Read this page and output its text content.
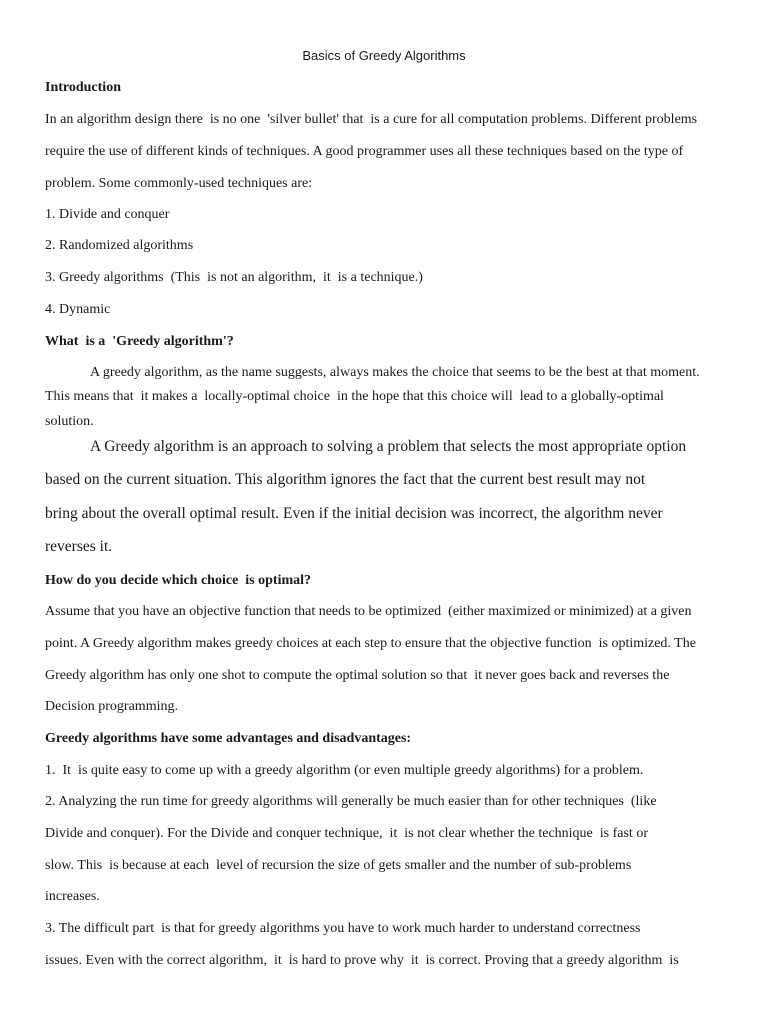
Basics of Greedy Algorithms
Introduction
In an algorithm design there  is no one  'silver bullet' that  is a cure for all computation problems. Different problems
require the use of different kinds of techniques. A good programmer uses all these techniques based on the type of
problem. Some commonly-used techniques are:
1. Divide and conquer
2. Randomized algorithms
3. Greedy algorithms  (This  is not an algorithm,  it  is a technique.)
4. Dynamic
What  is a  'Greedy algorithm'?
A greedy algorithm, as the name suggests, always makes the choice that seems to be the best at that moment.
This means that  it makes a  locally-optimal choice  in the hope that this choice will  lead to a globally-optimal
solution.
A Greedy algorithm is an approach to solving a problem that selects the most appropriate option
based on the current situation. This algorithm ignores the fact that the current best result may not
bring about the overall optimal result. Even if the initial decision was incorrect, the algorithm never
reverses it.
How do you decide which choice  is optimal?
Assume that you have an objective function that needs to be optimized  (either maximized or minimized) at a given
point. A Greedy algorithm makes greedy choices at each step to ensure that the objective function  is optimized. The
Greedy algorithm has only one shot to compute the optimal solution so that  it never goes back and reverses the
Decision programming.
Greedy algorithms have some advantages and disadvantages:
1.  It  is quite easy to come up with a greedy algorithm (or even multiple greedy algorithms) for a problem.
2. Analyzing the run time for greedy algorithms will generally be much easier than for other techniques  (like
Divide and conquer). For the Divide and conquer technique,  it  is not clear whether the technique  is fast or
slow. This  is because at each  level of recursion the size of gets smaller and the number of sub-problems
increases.
3. The difficult part  is that for greedy algorithms you have to work much harder to understand correctness
issues. Even with the correct algorithm,  it  is hard to prove why  it  is correct. Proving that a greedy algorithm  is
